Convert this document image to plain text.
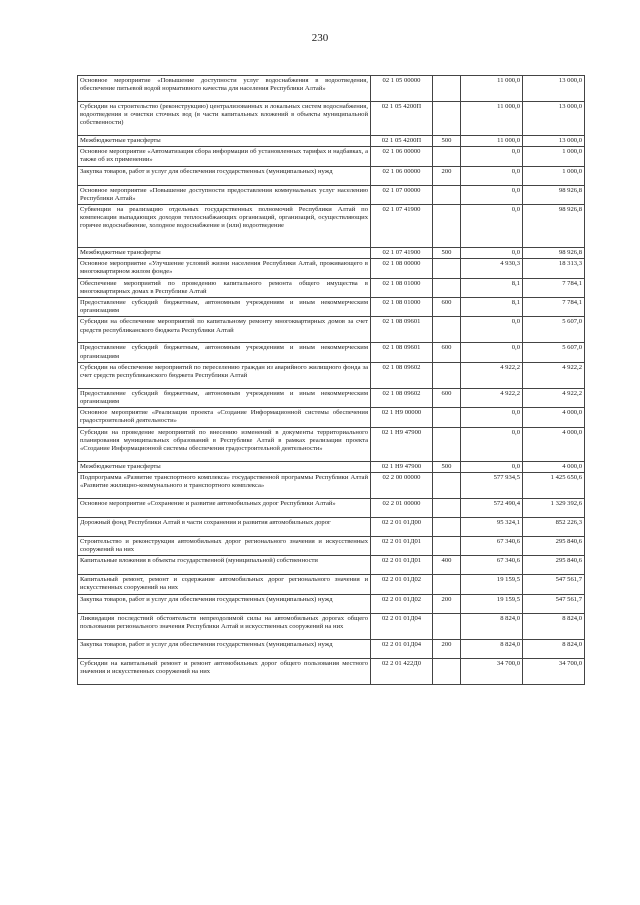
230
Основное мероприятие «Повышение доступности услуг водоснабжения в водоотведения, обеспечение питьевой водой нормативного качества для населения Республики Алтай»	02 1 05 00000		11 000,0	13 000,0
Субсидии на строительство (реконструкцию) централизованных и локальных систем водоснабжения, водоотведения и очистки сточных вод (в части капитальных вложений в объекты муниципальной собственности)	02 1 05 4200П		11 000,0	13 000,0
Межбюджетные трансферты	02 1 05 4200П	500	11 000,0	13 000,0
Основное мероприятие «Автоматизация сбора информации об установленных тарифах и надбавках, а также об их применении»	02 1 06 00000		0,0	1 000,0
Закупка товаров, работ и услуг для обеспечения государственных (муниципальных) нужд	02 1 06 00000	200	0,0	1 000,0
Основное мероприятие «Повышение доступности предоставления коммунальных услуг населению Республики Алтай»	02 1 07 00000		0,0	98 926,8
Субвенции на реализацию отдельных государственных полномочий Республики Алтай по компенсации выпадающих доходов теплоснабжающих организаций, организаций, осуществляющих горячее водоснабжение, холодное водоснабжение и (или) водоотведение	02 1 07 41900		0,0	98 926,8
Межбюджетные трансферты	02 1 07 41900	500	0,0	98 926,8
Основное мероприятие «Улучшение условий жизни населения Республики Алтай, проживающего в многоквартирном жилом фонде»	02 1 08 00000		4 930,3	18 313,3
Обеспечение мероприятий по проведению капитального ремонта общего имущества в многоквартирных домах в Республике Алтай	02 1 08 01000		8,1	7 784,1
Предоставление субсидий бюджетным, автономным учреждениям и иным некоммерческим организациям	02 1 08 01000	600	8,1	7 784,1
Субсидии на обеспечение мероприятий по капитальному ремонту многоквартирных домов за счет средств республиканского бюджета Республики Алтай	02 1 08 09601		0,0	5 607,0
Предоставление субсидий бюджетным, автономным учреждениям и иным некоммерческим организациям	02 1 08 09601	600	0,0	5 607,0
Субсидии на обеспечение мероприятий по переселению граждан из аварийного жилищного фонда за счет средств республиканского бюджета Республики Алтай	02 1 08 09602		4 922,2	4 922,2
Предоставление субсидий бюджетным, автономным учреждениям и иным некоммерческим организациям	02 1 08 09602	600	4 922,2	4 922,2
Основное мероприятие «Реализация проекта «Создание Информационной системы обеспечения градостроительной деятельности»	02 1 Н9 00000		0,0	4 000,0
Субсидии на проведение мероприятий по внесению изменений в документы территориального планирования муниципальных образований в Республике Алтай в рамках реализации проекта «Создание Информационной системы обеспечения градостроительной деятельности»	02 1 Н9 47900		0,0	4 000,0
Межбюджетные трансферты	02 1 Н9 47900	500	0,0	4 000,0
Подпрограмма «Развитие транспортного комплекса» государственной программы Республики Алтай «Развитие жилищно-коммунального и транспортного комплекса»	02 2 00 00000		577 934,5	1 425 650,6
Основное мероприятие «Сохранение и развитие автомобильных дорог Республики Алтай»	02 2 01 00000		572 490,4	1 329 392,6
Дорожный фонд Республики Алтай в части сохранения и развития автомобильных дорог	02 2 01 01Д00		95 324,1	852 226,3
Строительство и реконструкция автомобильных дорог регионального значения и искусственных сооружений на них	02 2 01 01Д01		67 340,6	295 840,6
Капитальные вложения в объекты государственной (муниципальной) собственности	02 2 01 01Д01	400	67 340,6	295 840,6
Капитальный ремонт, ремонт и содержание автомобильных дорог регионального значения и искусственных сооружений на них	02 2 01 01Д02		19 159,5	547 561,7
Закупка товаров, работ и услуг для обеспечения государственных (муниципальных) нужд	02 2 01 01Д02	200	19 159,5	547 561,7
Ликвидация последствий обстоятельств непреодолимой силы на автомобильных дорогах общего пользования регионального значения Республики Алтай и искусственных сооружений на них	02 2 01 01Д04		8 824,0	8 824,0
Закупка товаров, работ и услуг для обеспечения государственных (муниципальных) нужд	02 2 01 01Д04	200	8 824,0	8 824,0
Субсидии на капитальный ремонт и ремонт автомобильных дорог общего пользования местного значения и искусственных сооружений на них	02 2 01 422Д0		34 700,0	34 700,0
